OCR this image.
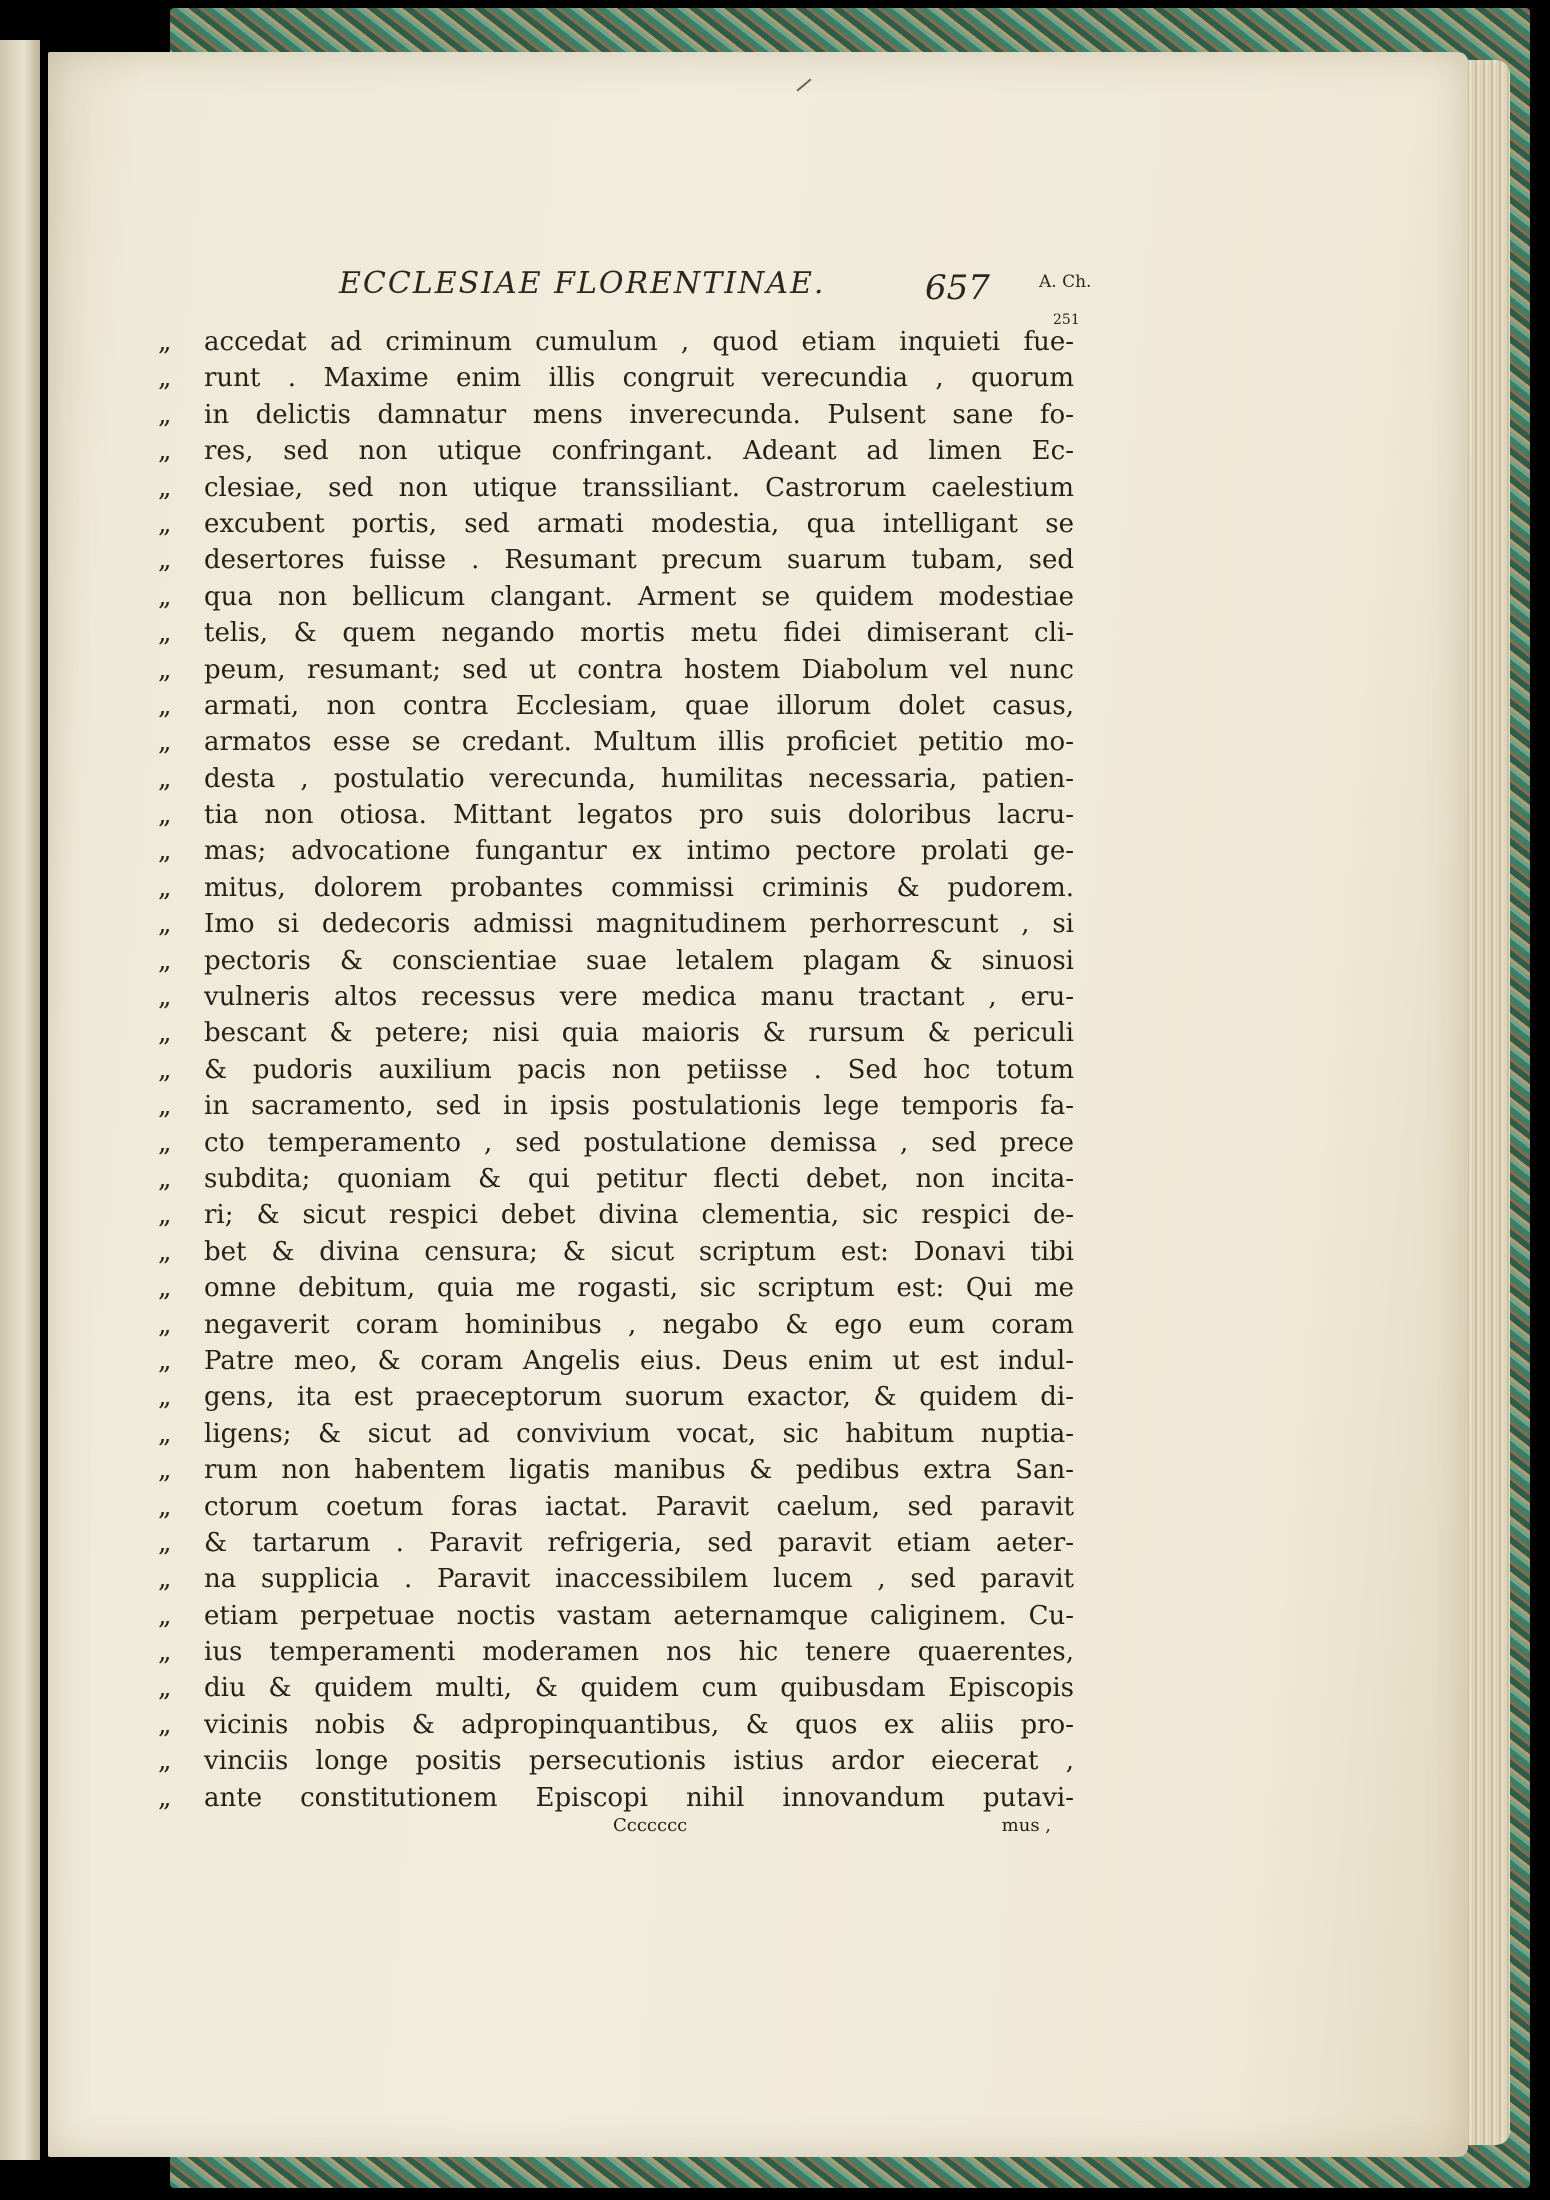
ECCLESIAE FLORENTINAE.	657	A. Ch.
251
„	accedat ad criminum cumulum , quod etiam inquieti fue-
„	runt . Maxime enim illis congruit verecundia , quorum
„	in delictis damnatur mens inverecunda. Pulsent sane fo-
„	res, sed non utique confringant. Adeant ad limen Ec-
„	clesiae, sed non utique transsiliant. Castrorum caelestium
„	excubent portis, sed armati modestia, qua intelligant se
„	desertores fuisse . Resumant precum suarum tubam, sed
„	qua non bellicum clangant. Arment se quidem modestiae
„	telis, & quem negando mortis metu fidei dimiserant cli-
„	peum, resumant; sed ut contra hostem Diabolum vel nunc
„	armati, non contra Ecclesiam, quae illorum dolet casus,
„	armatos esse se credant. Multum illis proficiet petitio mo-
„	desta , postulatio verecunda, humilitas necessaria, patien-
„	tia non otiosa. Mittant legatos pro suis doloribus lacru-
„	mas; advocatione fungantur ex intimo pectore prolati ge-
„	mitus, dolorem probantes commissi criminis & pudorem.
„	Imo si dedecoris admissi magnitudinem perhorrescunt , si
„	pectoris & conscientiae suae letalem plagam & sinuosi
„	vulneris altos recessus vere medica manu tractant , eru-
„	bescant & petere; nisi quia maioris & rursum & periculi
„	& pudoris auxilium pacis non petiisse . Sed hoc totum
„	in sacramento, sed in ipsis postulationis lege temporis fa-
„	cto temperamento , sed postulatione demissa , sed prece
„	subdita; quoniam & qui petitur flecti debet, non incita-
„	ri; & sicut respici debet divina clementia, sic respici de-
„	bet & divina censura; & sicut scriptum est: Donavi tibi
„	omne debitum, quia me rogasti, sic scriptum est: Qui me
„	negaverit coram hominibus , negabo & ego eum coram
„	Patre meo, & coram Angelis eius. Deus enim ut est indul-
„	gens, ita est praeceptorum suorum exactor, & quidem di-
„	ligens; & sicut ad convivium vocat, sic habitum nuptia-
„	rum non habentem ligatis manibus & pedibus extra San-
„	ctorum coetum foras iactat. Paravit caelum, sed paravit
„	& tartarum . Paravit refrigeria, sed paravit etiam aeter-
„	na supplicia . Paravit inaccessibilem lucem , sed paravit
„	etiam perpetuae noctis vastam aeternamque caliginem. Cu-
„	ius temperamenti moderamen nos hic tenere quaerentes,
„	diu & quidem multi, & quidem cum quibusdam Episcopis
„	vicinis nobis & adpropinquantibus, & quos ex aliis pro-
„	vinciis longe positis persecutionis istius ardor eiecerat ,
„	ante constitutionem Episcopi nihil innovandum putavi-
Ccccccc	mus ,
